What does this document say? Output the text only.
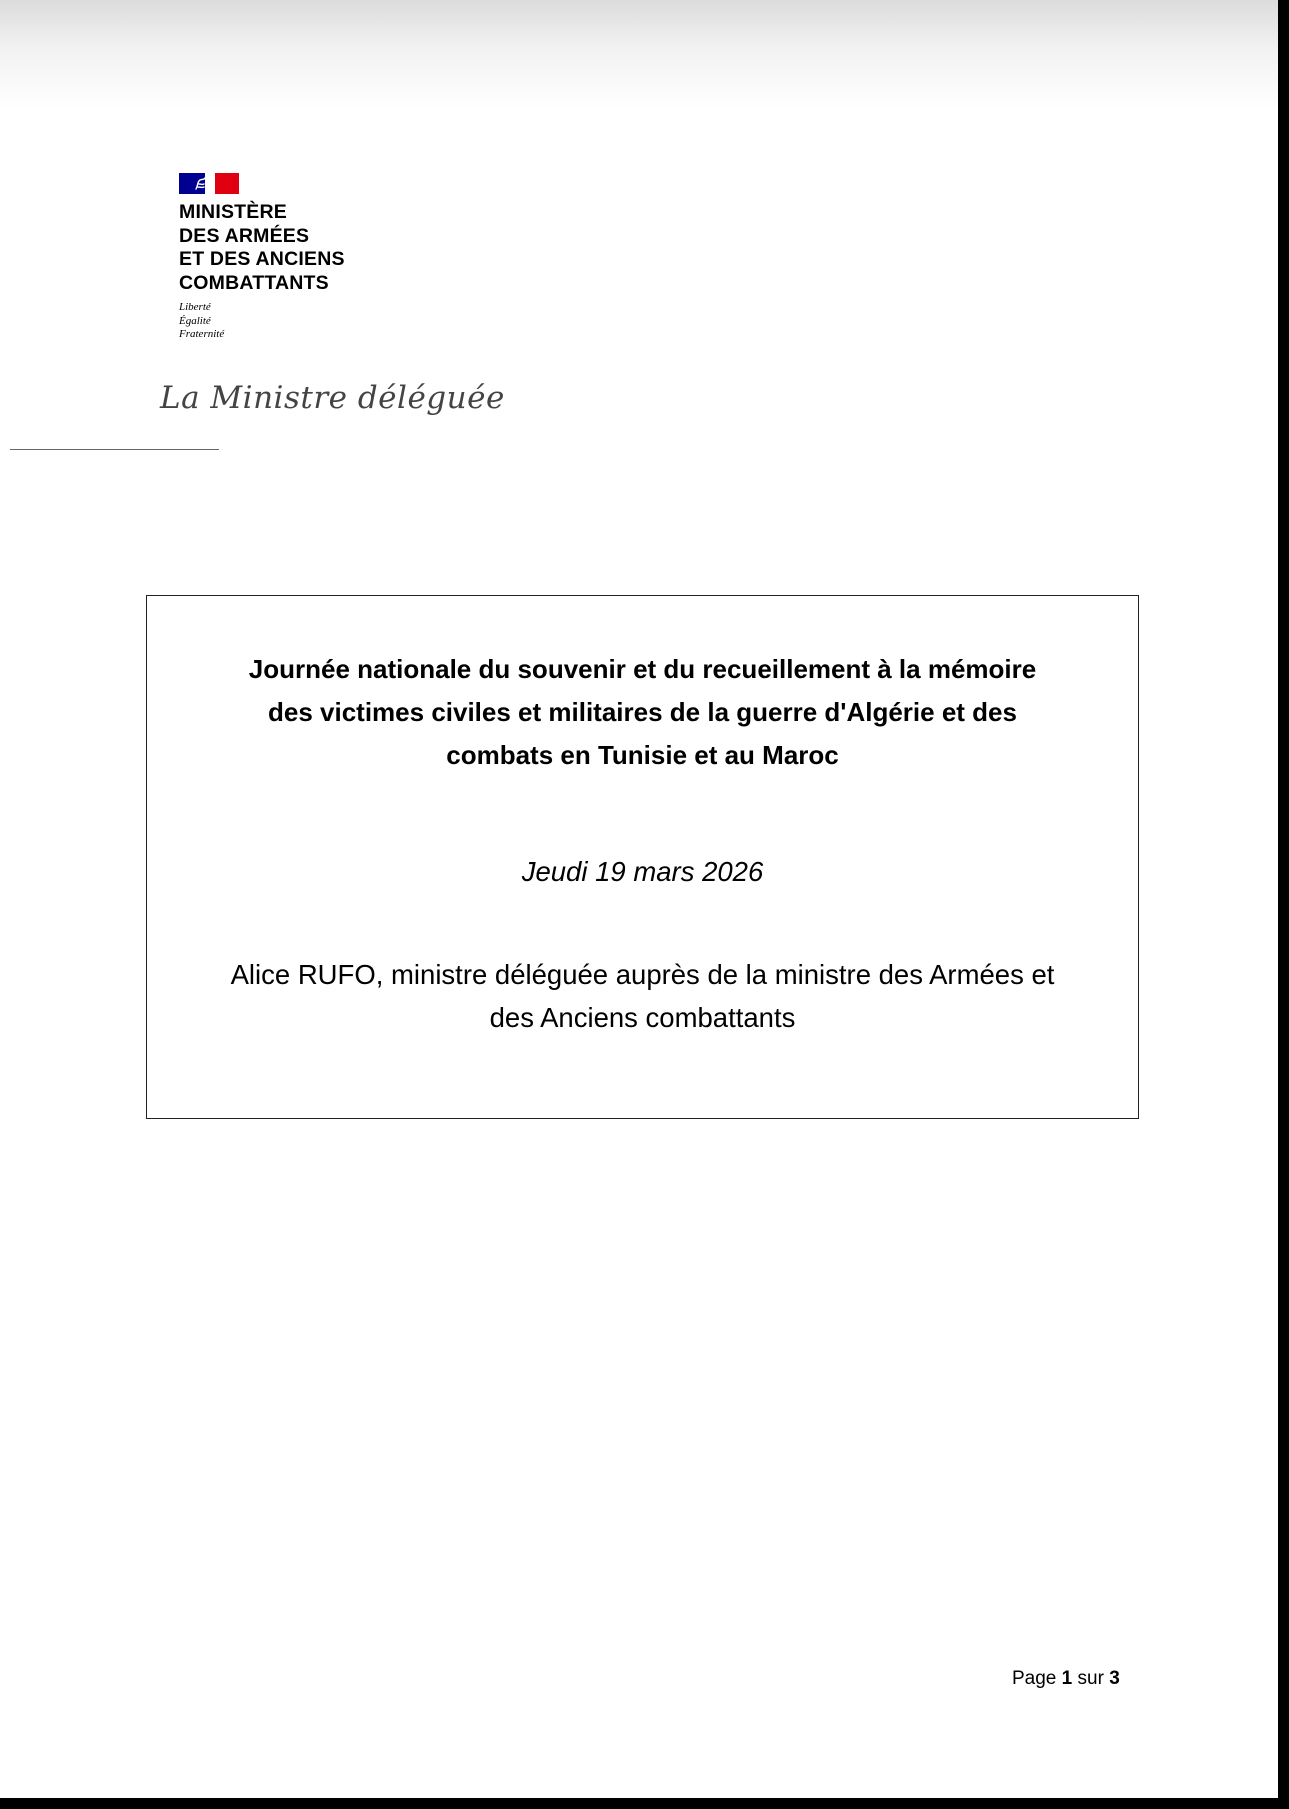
MINISTÈRE
DES ARMÉES
ET DES ANCIENS
COMBATTANTS
Liberté
Égalité
Fraternité
La Ministre déléguée
Journée nationale du souvenir et du recueillement à la mémoire
des victimes civiles et militaires de la guerre d'Algérie et des
combats en Tunisie et au Maroc
Jeudi 19 mars 2026
Alice RUFO, ministre déléguée auprès de la ministre des Armées et
des Anciens combattants
Page 1 sur 3
